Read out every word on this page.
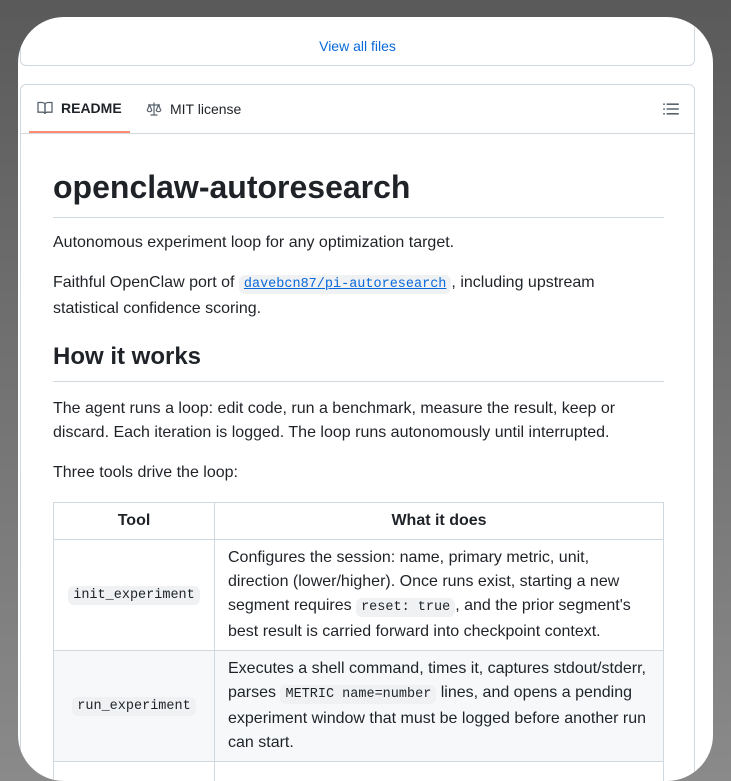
View all files
README	MIT license
openclaw-autoresearch

Autonomous experiment loop for any optimization target.

Faithful OpenClaw port of davebcn87/pi-autoresearch , including upstream statistical confidence scoring.

How it works

The agent runs a loop: edit code, run a benchmark, measure the result, keep or discard. Each iteration is logged. The loop runs autonomously until interrupted.

Three tools drive the loop:

Tool	What it does
init_experiment	Configures the session: name, primary metric, unit, direction (lower/higher). Once runs exist, starting a new segment requires reset: true , and the prior segment's best result is carried forward into checkpoint context.
run_experiment	Executes a shell command, times it, captures stdout/stderr, parses METRIC name=number lines, and opens a pending experiment window that must be logged before another run can start.
